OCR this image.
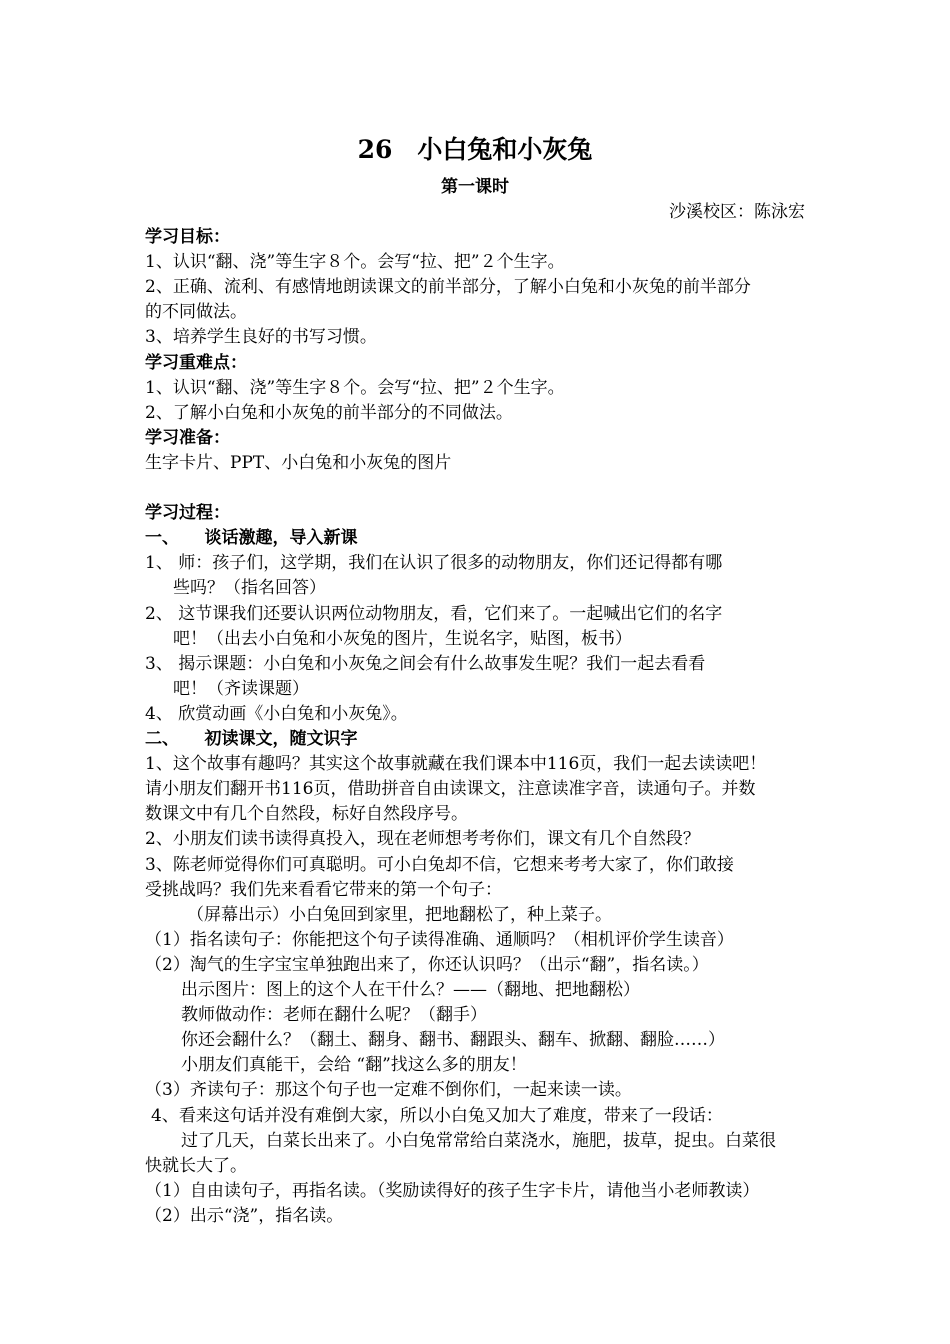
26　小白兔和小灰兔
第一课时
沙溪校区：陈泳宏
学习目标：
1、认识“翻、浇”等生字８个。会写“拉、把”２个生字。
2、正确、流利、有感情地朗读课文的前半部分，了解小白兔和小灰兔的前半部分
的不同做法。
3、培养学生良好的书写习惯。
学习重难点：
1、认识“翻、浇”等生字８个。会写“拉、把”２个生字。
2、了解小白兔和小灰兔的前半部分的不同做法。
学习准备：
生字卡片、PPT、小白兔和小灰兔的图片
学习过程：
一、　　谈话激趣，导入新课
1、 师：孩子们，这学期，我们在认识了很多的动物朋友，你们还记得都有哪
些吗？（指名回答）
2、 这节课我们还要认识两位动物朋友，看，它们来了。一起喊出它们的名字
吧！（出去小白兔和小灰兔的图片，生说名字，贴图，板书）
3、 揭示课题：小白兔和小灰兔之间会有什么故事发生呢？我们一起去看看
吧！（齐读课题）
4、 欣赏动画《小白兔和小灰兔》。
二、　　初读课文，随文识字
1、这个故事有趣吗？其实这个故事就藏在我们课本中116页，我们一起去读读吧！
请小朋友们翻开书116页，借助拼音自由读课文，注意读准字音，读通句子。并数
数课文中有几个自然段，标好自然段序号。
2、小朋友们读书读得真投入，现在老师想考考你们，课文有几个自然段？
3、陈老师觉得你们可真聪明。可小白兔却不信，它想来考考大家了，你们敢接
受挑战吗？我们先来看看它带来的第一个句子：
（屏幕出示）小白兔回到家里，把地翻松了，种上菜子。
（1）指名读句子：你能把这个句子读得准确、通顺吗？（相机评价学生读音）
（2）淘气的生字宝宝单独跑出来了，你还认识吗？（出示“翻”，指名读。）
出示图片：图上的这个人在干什么？——（翻地、把地翻松）
教师做动作：老师在翻什么呢？（翻手）
你还会翻什么？（翻土、翻身、翻书、翻跟头、翻车、掀翻、翻脸……）
小朋友们真能干，会给 “翻”找这么多的朋友！
（3）齐读句子：那这个句子也一定难不倒你们，一起来读一读。
4、看来这句话并没有难倒大家，所以小白兔又加大了难度，带来了一段话：
过了几天，白菜长出来了。小白兔常常给白菜浇水，施肥，拔草，捉虫。白菜很
快就长大了。
（1）自由读句子，再指名读。（奖励读得好的孩子生字卡片，请他当小老师教读）
（2）出示“浇”，指名读。
